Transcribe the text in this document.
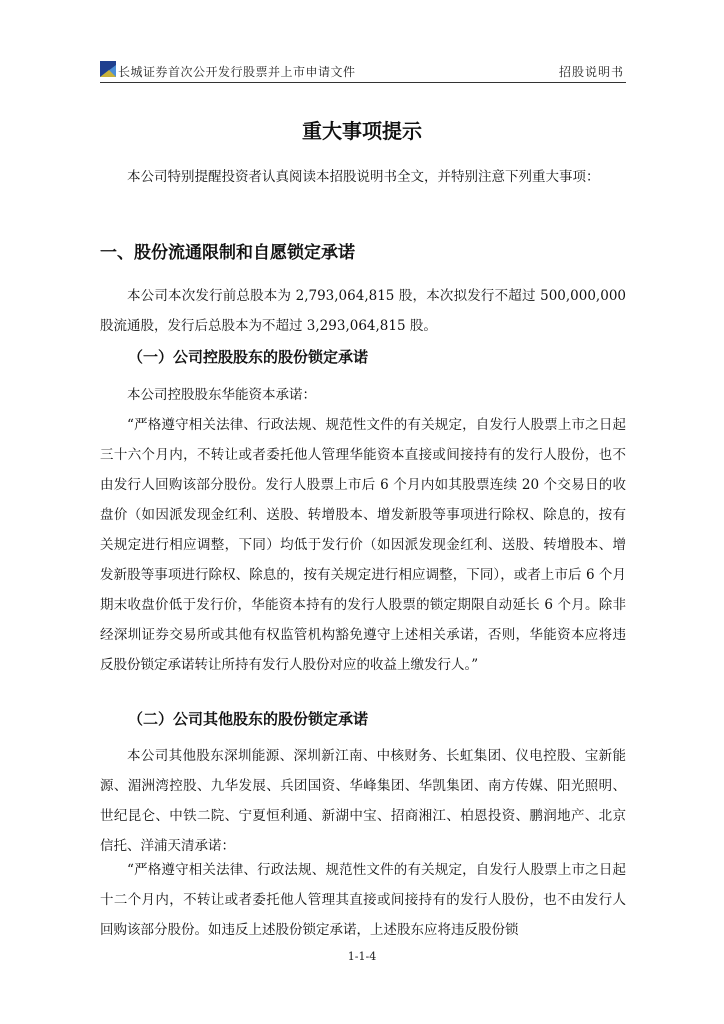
长城证券首次公开发行股票并上市申请文件	招股说明书
重大事项提示

本公司特别提醒投资者认真阅读本招股说明书全文，并特别注意下列重大事项：

一、股份流通限制和自愿锁定承诺

本公司本次发行前总股本为 2,793,064,815 股，本次拟发行不超过 500,000,000 股流通股，发行后总股本为不超过 3,293,064,815 股。

（一）公司控股股东的股份锁定承诺

本公司控股股东华能资本承诺：

“严格遵守相关法律、行政法规、规范性文件的有关规定，自发行人股票上市之日起三十六个月内，不转让或者委托他人管理华能资本直接或间接持有的发行人股份，也不由发行人回购该部分股份。发行人股票上市后 6 个月内如其股票连续 20 个交易日的收盘价（如因派发现金红利、送股、转增股本、增发新股等事项进行除权、除息的，按有关规定进行相应调整，下同）均低于发行价（如因派发现金红利、送股、转增股本、增发新股等事项进行除权、除息的，按有关规定进行相应调整，下同），或者上市后 6 个月期末收盘价低于发行价，华能资本持有的发行人股票的锁定期限自动延长 6 个月。除非经深圳证券交易所或其他有权监管机构豁免遵守上述相关承诺，否则，华能资本应将违反股份锁定承诺转让所持有发行人股份对应的收益上缴发行人。”

（二）公司其他股东的股份锁定承诺

本公司其他股东深圳能源、深圳新江南、中核财务、长虹集团、仪电控股、宝新能源、湄洲湾控股、九华发展、兵团国资、华峰集团、华凯集团、南方传媒、阳光照明、世纪昆仑、中铁二院、宁夏恒利通、新湖中宝、招商湘江、柏恩投资、鹏润地产、北京信托、洋浦天清承诺：

“严格遵守相关法律、行政法规、规范性文件的有关规定，自发行人股票上市之日起十二个月内，不转让或者委托他人管理其直接或间接持有的发行人股份，也不由发行人回购该部分股份。如违反上述股份锁定承诺，上述股东应将违反股份锁

1-1-4
